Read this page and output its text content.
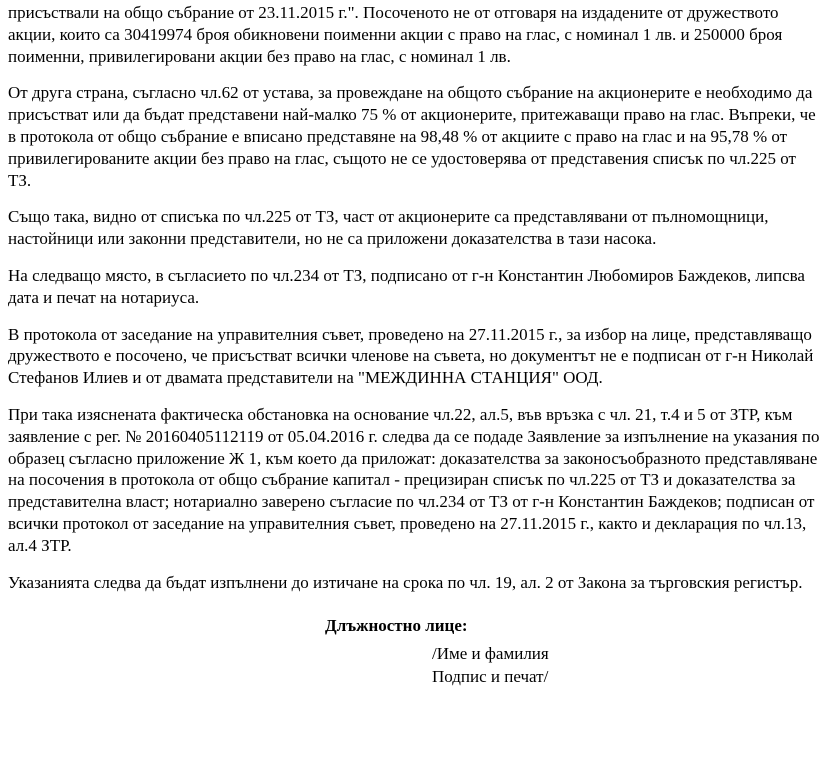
присъствали на общо събрание от 23.11.2015 г.". Посоченото не от отговаря на издадените от дружеството акции, които са 30419974 броя обикновени поименни акции с право на глас, с номинал 1 лв. и 250000 броя поименни, привилегировани акции без право на глас, с номинал 1 лв.

От друга страна, съгласно чл.62 от устава, за провеждане на общото събрание на акционерите е необходимо да присъстват или да бъдат представени най-малко 75 % от акционерите, притежаващи право на глас. Въпреки, че в протокола от общо събрание е вписано представяне на 98,48 % от акциите с право на глас и на 95,78 % от привилегированите акции без право на глас, същото не се удостоверява от представения списък по чл.225 от ТЗ.

Също така, видно от списъка по чл.225 от ТЗ, част от акционерите са представлявани от пълномощници, настойници или законни представители, но не са приложени доказателства в тази насока.

На следващо място, в съгласието по чл.234 от ТЗ, подписано от г-н Константин Любомиров Баждеков, липсва дата и печат на нотариуса.

В протокола от заседание на управителния съвет, проведено на 27.11.2015 г., за избор на лице, представляващо дружеството е посочено, че присъстват всички членове на съвета, но документът не е подписан от г-н Николай Стефанов Илиев и от двамата представители на "МЕЖДИННА СТАНЦИЯ" ООД.

При така изяснената фактическа обстановка на основание чл.22, ал.5, във връзка с чл. 21, т.4 и 5 от ЗТР, към заявление с рег. № 20160405112119 от 05.04.2016 г. следва да се подаде Заявление за изпълнение на указания по образец съгласно приложение Ж 1, към което да приложат: доказателства за законосъобразното представляване на посочения в протокола от общо събрание капитал - прецизиран списък по чл.225 от ТЗ и доказателства за представителна власт; нотариално заверено съгласие по чл.234 от ТЗ от г-н Константин Баждеков; подписан от всички протокол от заседание на управителния съвет, проведено на 27.11.2015 г., както и декларация по чл.13, ал.4 ЗТР.

Указанията следва да бъдат изпълнени до изтичане на срока по чл. 19, ал. 2 от Закона за търговския регистър.

Длъжностно лице:

/Име и фамилия
Подпис и печат/
